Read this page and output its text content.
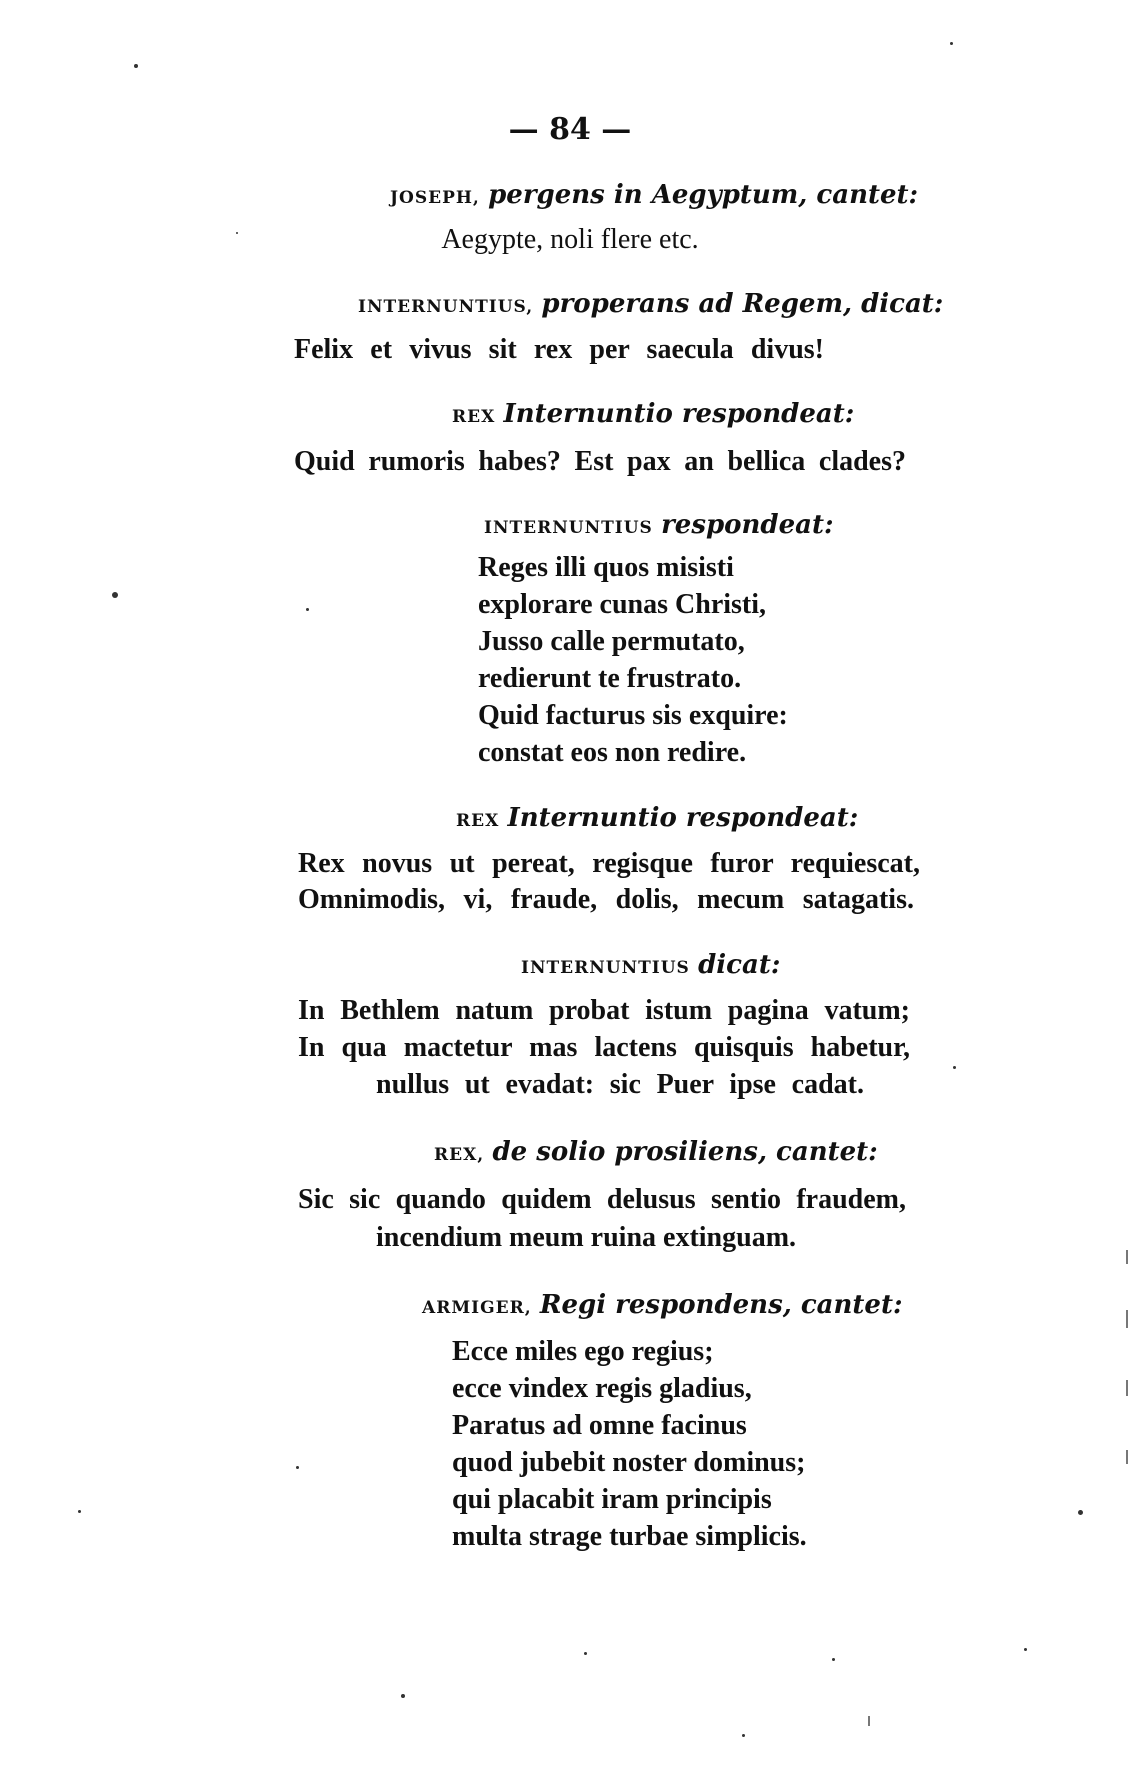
— 84 —
JOSEPH, pergens in Aegyptum, cantet:
Aegypte, noli flere etc.
INTERNUNTIUS, properans ad Regem, dicat:
Felix et vivus sit rex per saecula divus!
REX Internuntio respondeat:
Quid rumoris habes? Est pax an bellica clades?
INTERNUNTIUS respondeat:
Reges illi quos misisti
explorare cunas Christi,
Jusso calle permutato,
redierunt te frustrato.
Quid facturus sis exquire:
constat eos non redire.
REX Internuntio respondeat:
Rex novus ut pereat, regisque furor requiescat,
Omnimodis, vi, fraude, dolis, mecum satagatis.
INTERNUNTIUS dicat:
In Bethlem natum probat istum pagina vatum;
In qua mactetur mas lactens quisquis habetur,
nullus ut evadat: sic Puer ipse cadat.
REX, de solio prosiliens, cantet:
Sic sic quando quidem delusus sentio fraudem,
incendium meum ruina extinguam.
ARMIGER, Regi respondens, cantet:
Ecce miles ego regius;
ecce vindex regis gladius,
Paratus ad omne facinus
quod jubebit noster dominus;
qui placabit iram principis
multa strage turbae simplicis.
